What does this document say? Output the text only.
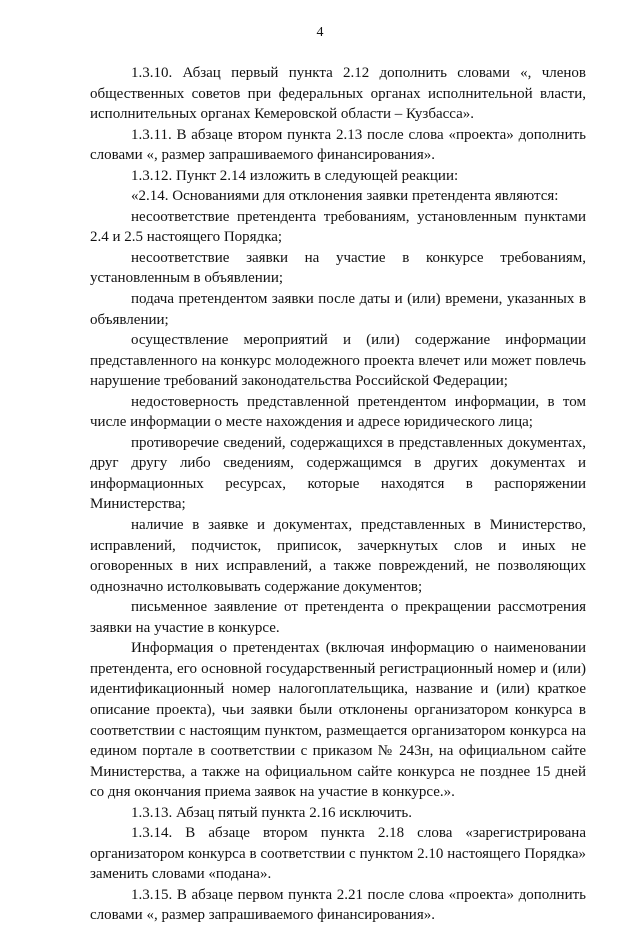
4

1.3.10. Абзац первый пункта 2.12 дополнить словами «, членов общественных советов при федеральных органах исполнительной власти, исполнительных органах Кемеровской области – Кузбасса».

1.3.11. В абзаце втором пункта 2.13 после слова «проекта» дополнить словами «, размер запрашиваемого финансирования».

1.3.12. Пункт 2.14 изложить в следующей реакции:

«2.14. Основаниями для отклонения заявки претендента являются:

несоответствие претендента требованиям, установленным пунктами 2.4 и 2.5 настоящего Порядка;

несоответствие заявки на участие в конкурсе требованиям, установленным в объявлении;

подача претендентом заявки после даты и (или) времени, указанных в объявлении;

осуществление мероприятий и (или) содержание информации представленного на конкурс молодежного проекта влечет или может повлечь нарушение требований законодательства Российской Федерации;

недостоверность представленной претендентом информации, в том числе информации о месте нахождения и адресе юридического лица;

противоречие сведений, содержащихся в представленных документах, друг другу либо сведениям, содержащимся в других документах и информационных ресурсах, которые находятся в распоряжении Министерства;

наличие в заявке и документах, представленных в Министерство, исправлений, подчисток, приписок, зачеркнутых слов и иных не оговоренных в них исправлений, а также повреждений, не позволяющих однозначно истолковывать содержание документов;

письменное заявление от претендента о прекращении рассмотрения заявки на участие в конкурсе.

Информация о претендентах (включая информацию о наименовании претендента, его основной государственный регистрационный номер и (или) идентификационный номер налогоплательщика, название и (или) краткое описание проекта), чьи заявки были отклонены организатором конкурса в соответствии с настоящим пунктом, размещается организатором конкурса на едином портале в соответствии с приказом № 243н, на официальном сайте Министерства, а также на официальном сайте конкурса не позднее 15 дней со дня окончания приема заявок на участие в конкурсе.».

1.3.13. Абзац пятый пункта 2.16 исключить.

1.3.14. В абзаце втором пункта 2.18 слова «зарегистрирована организатором конкурса в соответствии с пунктом 2.10 настоящего Порядка» заменить словами «подана».

1.3.15. В абзаце первом пункта 2.21 после слова «проекта» дополнить словами «, размер запрашиваемого финансирования».
